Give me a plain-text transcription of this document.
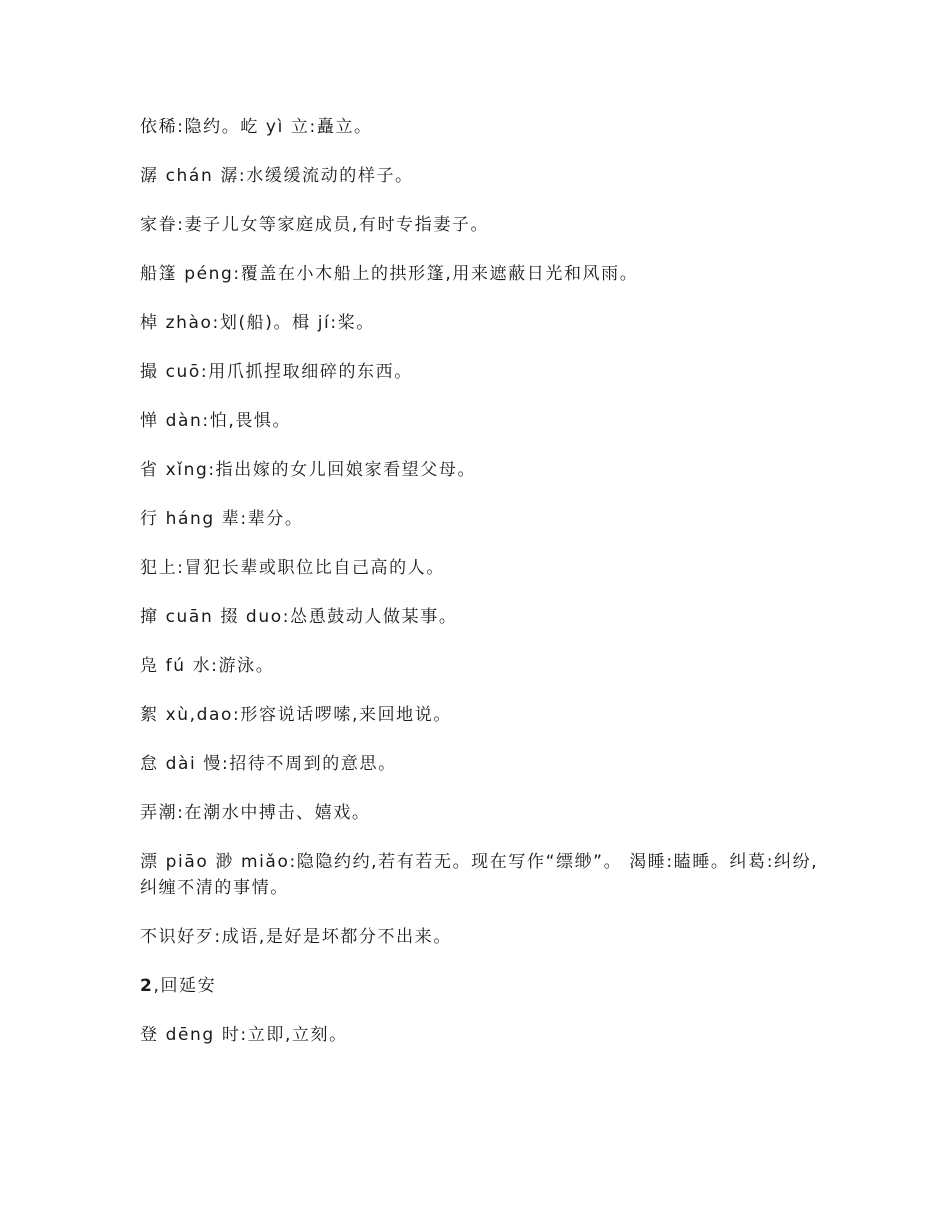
依稀:隐约。屹 yì 立:矗立。

潺 chán 潺:水缓缓流动的样子。

家眷:妻子儿女等家庭成员,有时专指妻子。

船篷 péng:覆盖在小木船上的拱形篷,用来遮蔽日光和风雨。

棹 zhào:划(船)。楫 jí:桨。

撮 cuō:用爪抓捏取细碎的东西。

惮 dàn:怕,畏惧。

省 xǐng:指出嫁的女儿回娘家看望父母。

行 háng 辈:辈分。

犯上:冒犯长辈或职位比自己高的人。

撺 cuān 掇 duo:怂恿鼓动人做某事。

凫 fú 水:游泳。

絮 xù,dao:形容说话啰嗦,来回地说。

怠 dài 慢:招待不周到的意思。

弄潮:在潮水中搏击、嬉戏。

漂 piāo 渺 miǎo:隐隐约约,若有若无。现在写作“缥缈”。 渴睡:瞌睡。纠葛:纠纷,纠缠不清的事情。

不识好歹:成语,是好是坏都分不出来。

2,回延安

登 dēng 时:立即,立刻。
